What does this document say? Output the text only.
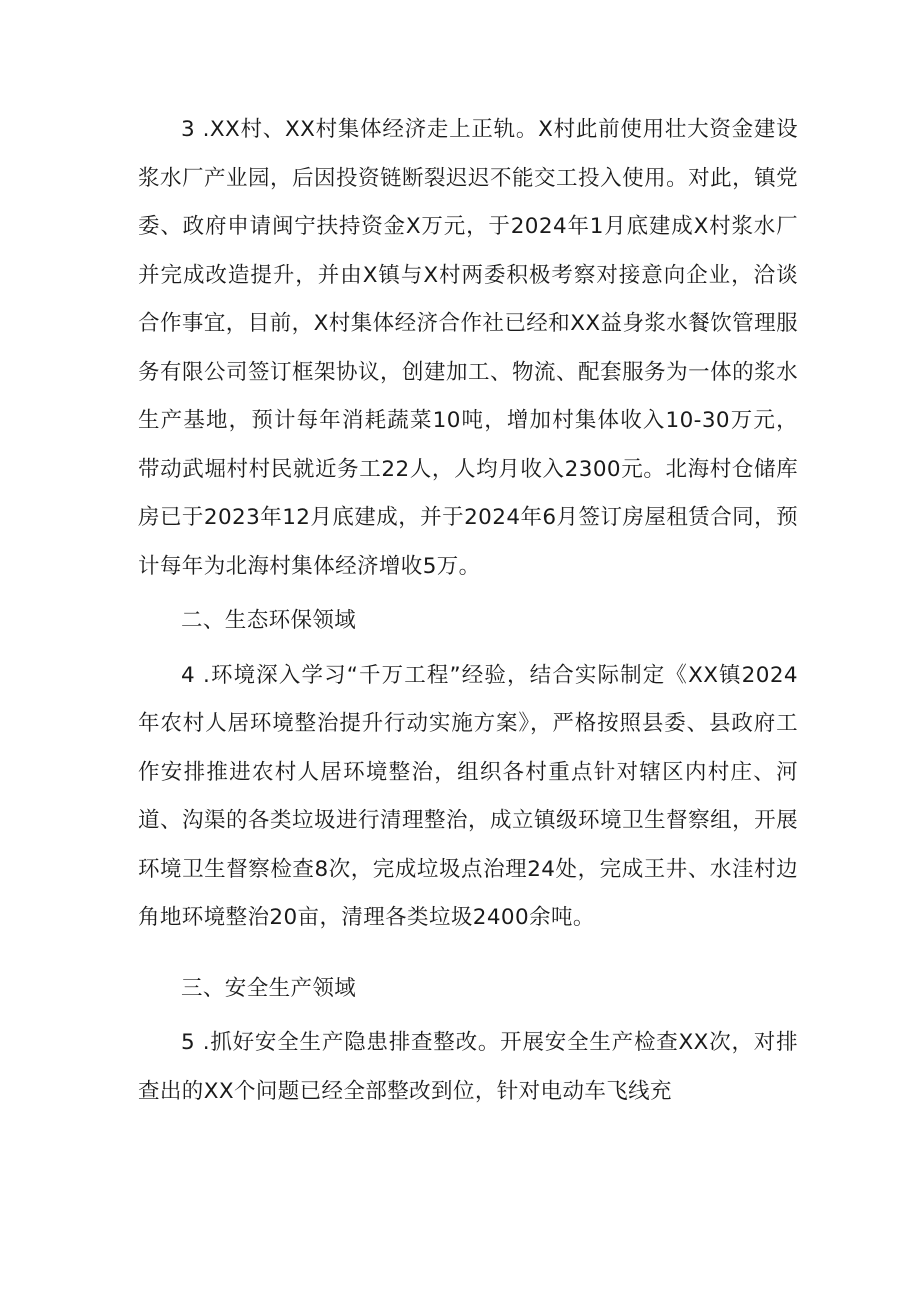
3 .XX村、XX村集体经济走上正轨。X村此前使用壮大资金建设浆水厂产业园，后因投资链断裂迟迟不能交工投入使用。对此，镇党委、政府申请闽宁扶持资金X万元，于2024年1月底建成X村浆水厂并完成改造提升，并由X镇与X村两委积极考察对接意向企业，洽谈合作事宜，目前，X村集体经济合作社已经和XX益身浆水餐饮管理服务有限公司签订框架协议，创建加工、物流、配套服务为一体的浆水生产基地，预计每年消耗蔬菜10吨，增加村集体收入10-30万元，带动武堀村村民就近务工22人，人均月收入2300元。北海村仓储库房已于2023年12月底建成，并于2024年6月签订房屋租赁合同，预计每年为北海村集体经济增收5万。

二、生态环保领域

4 .环境深入学习“千万工程”经验，结合实际制定《XX镇2024年农村人居环境整治提升行动实施方案》，严格按照县委、县政府工作安排推进农村人居环境整治，组织各村重点针对辖区内村庄、河道、沟渠的各类垃圾进行清理整治，成立镇级环境卫生督察组，开展环境卫生督察检查8次，完成垃圾点治理24处，完成王井、水洼村边角地环境整治20亩，清理各类垃圾2400余吨。

三、安全生产领域

5 .抓好安全生产隐患排查整改。开展安全生产检查XX次，对排查出的XX个问题已经全部整改到位，针对电动车飞线充
